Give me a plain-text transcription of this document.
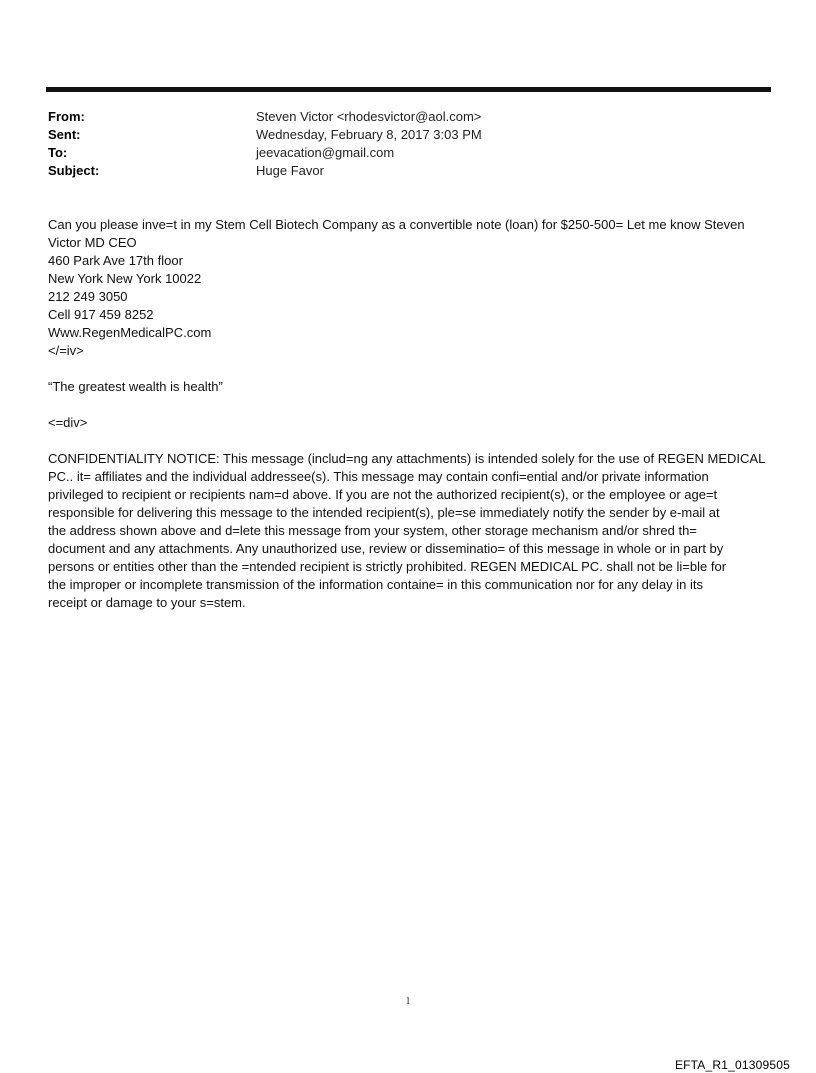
From:	Steven Victor <rhodesvictor@aol.com>
Sent:	Wednesday, February 8, 2017 3:03 PM
To:	jeevacation@gmail.com
Subject:	Huge Favor

Can you please inve=t in my Stem Cell Biotech Company as a convertible note (loan) for $250-500= Let me know Steven

Victor MD CEO

460 Park Ave 17th floor

New York New York 10022

212 249 3050

Cell 917 459 8252

Www.RegenMedicalPC.com

</=iv>

“The greatest wealth is health”

<=div>

CONFIDENTIALITY NOTICE: This message (includ=ng any attachments) is intended solely for the use of REGEN MEDICAL

PC.. it= affiliates and the individual addressee(s). This message may contain confi=ential and/or private information

privileged to recipient or recipients nam=d above. If you are not the authorized recipient(s), or the employee or age=t

responsible for delivering this message to the intended recipient(s), ple=se immediately notify the sender by e-mail at

the address shown above and d=lete this message from your system, other storage mechanism and/or shred th=

document and any attachments. Any unauthorized use, review or disseminatio= of this message in whole or in part by

persons or entities other than the =ntended recipient is strictly prohibited. REGEN MEDICAL PC. shall not be li=ble for

the improper or incomplete transmission of the information containe= in this communication nor for any delay in its

receipt or damage to your s=stem.

1
EFTA_R1_01309505
